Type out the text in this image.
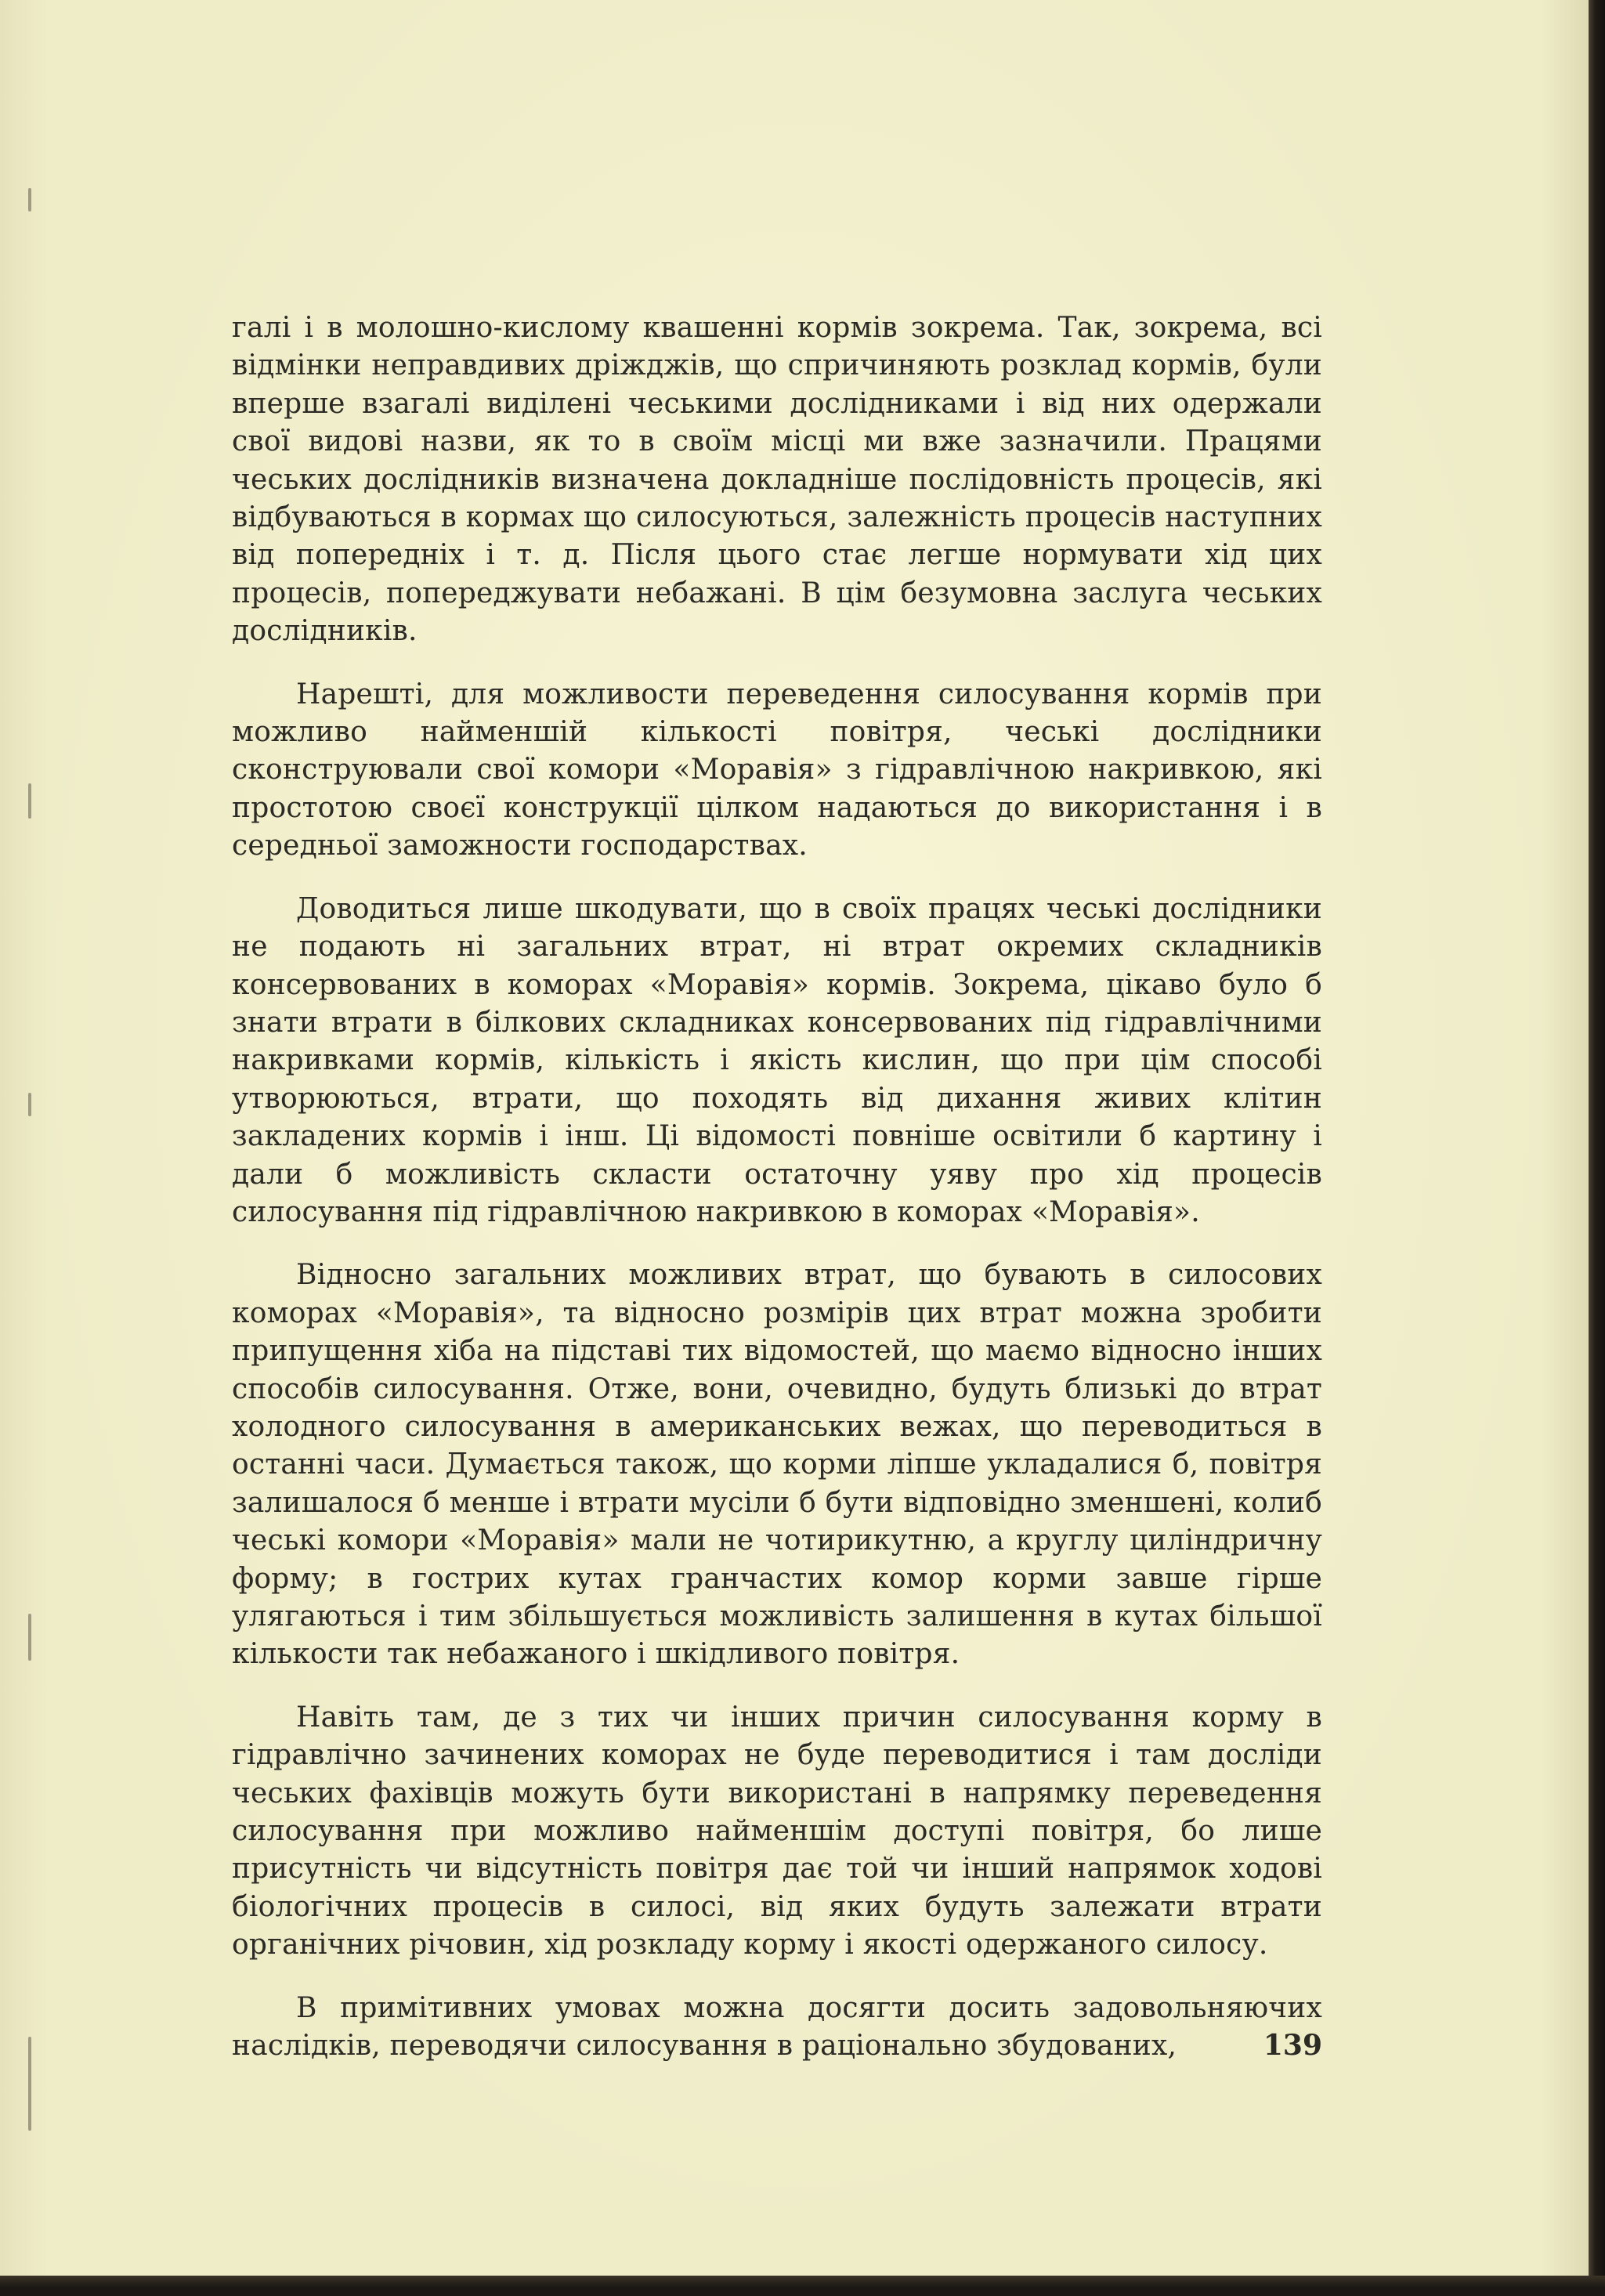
галі і в молошно-кислому квашенні кормів зокрема. Так, зокрема, всі відмінки неправдивих дріжджів, що спричиняють розклад кормів, були вперше взагалі виділені чеськими дослідниками і від них одержали свої видові назви, як то в своїм місці ми вже зазначили. Працями чеських дослідників визначена докладніше послідовність процесів, які відбуваються в кормах що силосуються, залежність процесів наступних від попередніх і т. д. Після цього стає легше нормувати хід цих процесів, попереджувати небажані. В цім безумовна заслуга чеських дослідників.

Нарешті, для можливости переведення силосування кормів при можливо найменшій кількості повітря, чеські дослідники сконструювали свої комори «Моравія» з гідравлічною накривкою, які простотою своєї конструкції цілком надаються до використання і в середньої заможности господарствах.

Доводиться лише шкодувати, що в своїх працях чеські дослідники не подають ні загальних втрат, ні втрат окремих складників консервованих в коморах «Моравія» кормів. Зокрема, цікаво було б знати втрати в білкових складниках консервованих під гідравлічними накривками кормів, кількість і якість кислин, що при цім способі утворюються, втрати, що походять від дихання живих клітин закладених кормів і інш. Ці відомості повніше освітили б картину і дали б можливість скласти остаточну уяву про хід процесів силосування під гідравлічною накривкою в коморах «Моравія».

Відносно загальних можливих втрат, що бувають в силосових коморах «Моравія», та відносно розмірів цих втрат можна зробити припущення хіба на підставі тих відомостей, що маємо відносно інших способів силосування. Отже, вони, очевидно, будуть близькі до втрат холодного силосування в американських вежах, що переводиться в останні часи. Думається також, що корми ліпше укладалися б, повітря залишалося б менше і втрати мусіли б бути відповідно зменшені, колиб чеські комори «Моравія» мали не чотирикутню, а круглу циліндричну форму; в гострих кутах грaнчастих комор корми завше гірше улягаються і тим збільшується можливість залишення в кутах більшої кількости так небажаного і шкідливого повітря.

Навіть там, де з тих чи інших причин силосування корму в гідравлічно зачинених коморах не буде переводитися і там досліди чеських фахівців можуть бути використані в напрямку переведення силосування при можливо найменшім доступі повітря, бо лише присутність чи відсутність повітря дає той чи інший напрямок ходові біологічних процесів в силосі, від яких будуть залежати втрати органічних річовин, хід розкладу корму і якості одержаного силосу.

В примітивних умовах можна досягти досить задовольняючих наслідків, переводячи силосування в раціонально збудованих,	139
